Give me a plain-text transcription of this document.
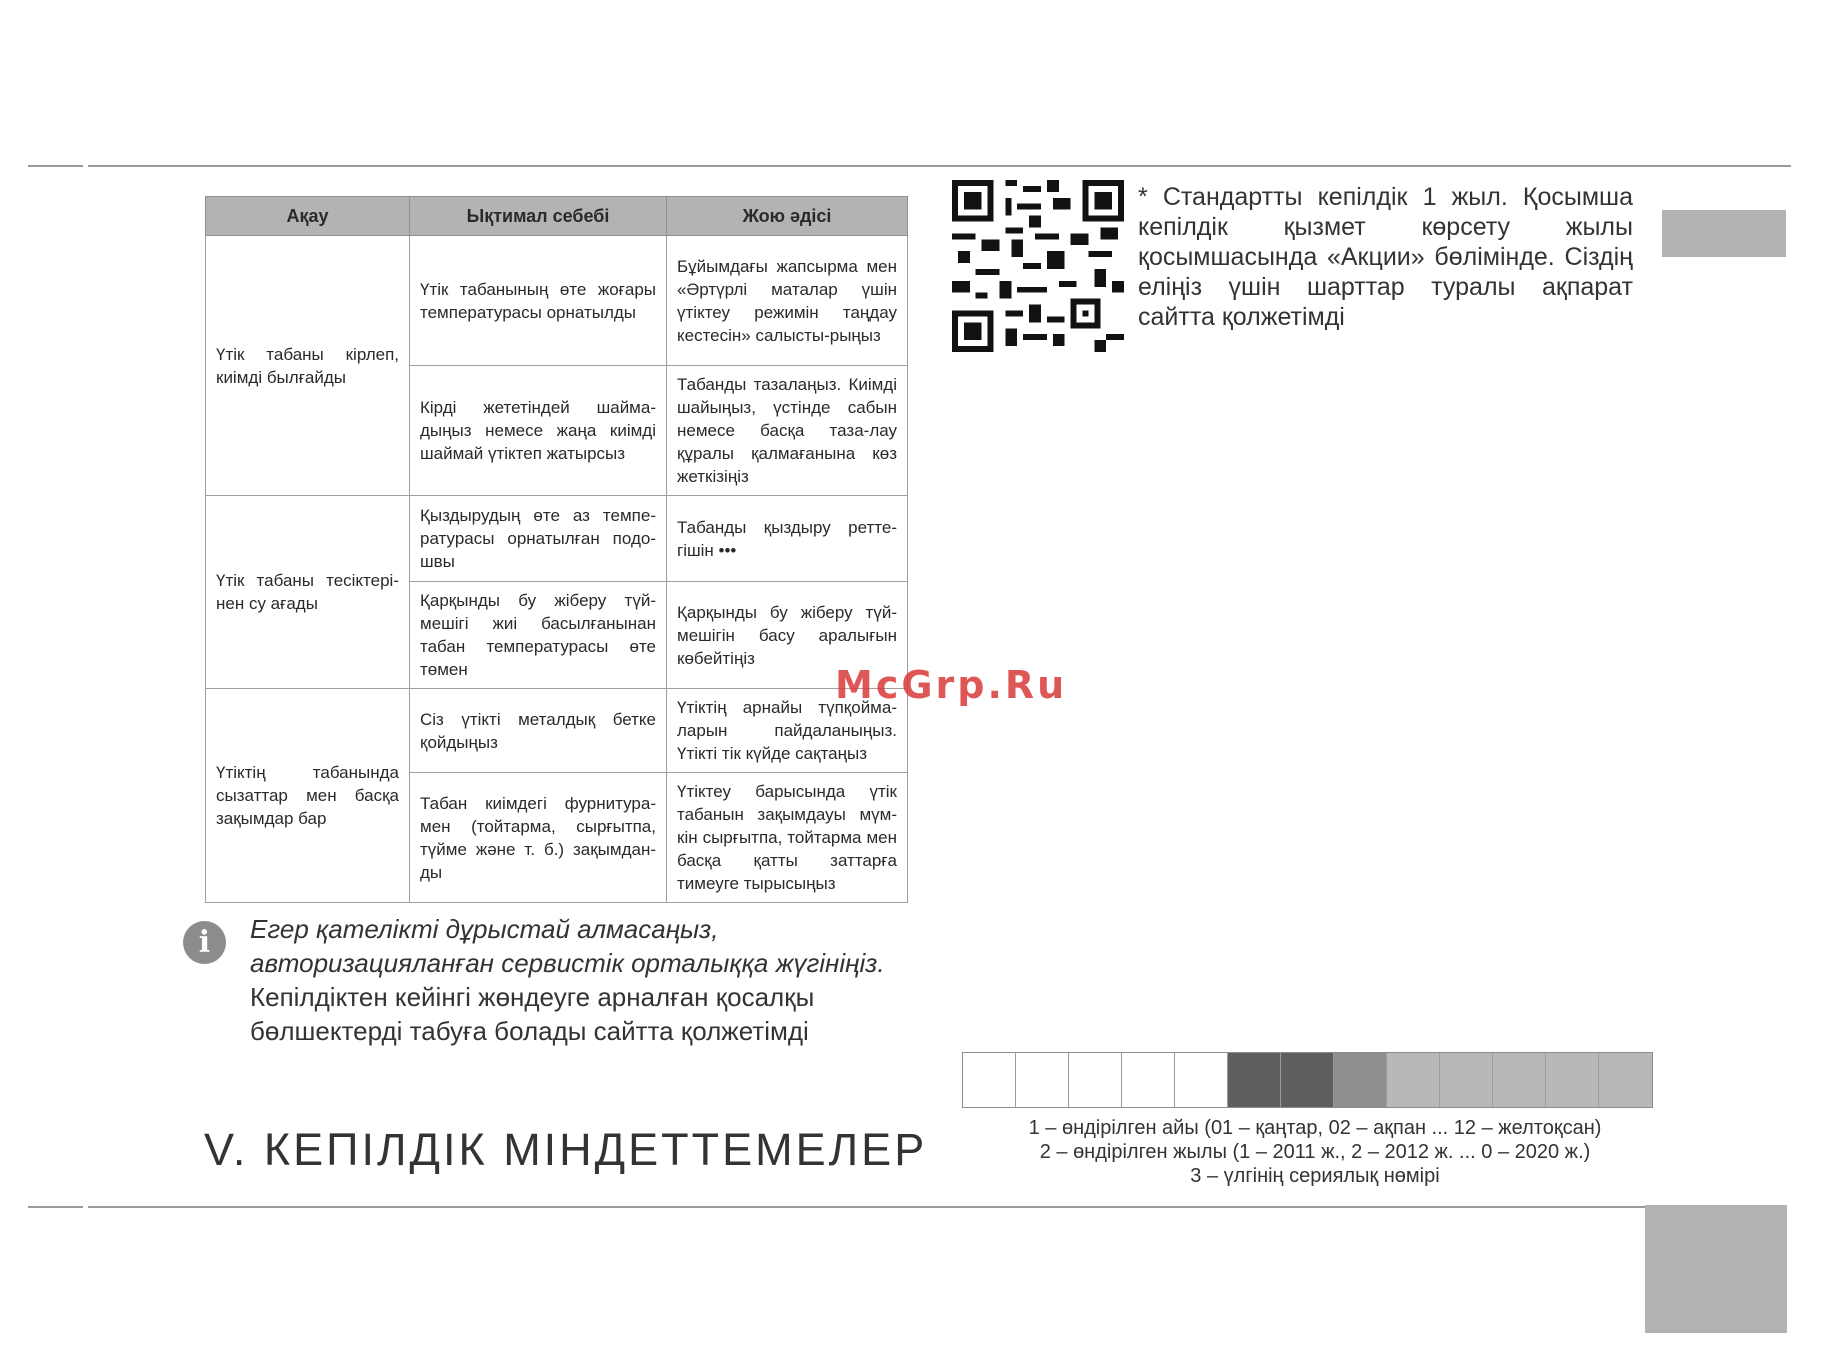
Ақау	Ықтимал себебі	Жою әдісі
Үтік табаны кірлеп, киімді былғайды	Үтік табанының өте жоғары температурасы орнатылды	Бұйымдағы жапсырма мен «Әртүрлі маталар үшін үтіктеу режимін таңдау кестесін» салысты-рыңыз
	Кірді жететіндей шайма-дыңыз немесе жаңа киімді шаймай үтіктеп жатырсыз	Табанды тазалаңыз. Киімді шайыңыз, үстінде сабын немесе басқа таза-лау құралы қалмағанына көз жеткізіңіз
Үтік табаны тесіктері-нен су ағады	Қыздырудың өте аз темпе-ратурасы орнатылған подо-швы	Табанды қыздыру ретте-гішін •••
	Қарқынды бу жіберу түй-мешігі жиі басылғанынан табан температурасы өте төмен	Қарқынды бу жіберу түй-мешігін басу аралығын көбейтіңіз
Үтіктің табанында сызаттар мен басқа зақымдар бар	Сіз үтікті металдық бетке қойдыңыз	Үтіктің арнайы түпқойма-ларын пайдаланыңыз. Үтікті тік күйде сақтаңыз
	Табан киімдегі фурнитура-мен (тойтарма, сырғытпа, түйме және т. б.) зақымдан-ды	Үтіктеу барысында үтік табанын зақымдауы мүм-кін сырғытпа, тойтарма мен басқа қатты заттарға тимеуге тырысыңыз
i	Егер қателікті дұрыстай алмасаңыз, авторизацияланған сервистік орталыққа жүгініңіз.
Кепілдіктен кейінгі жөндеуге арналған қосалқы бөлшектерді табуға болады сайтта қолжетімді
V. КЕПІЛДІК МІНДЕТТЕМЕЛЕР
* Стандартты кепілдік 1 жыл. Қосымша кепілдік қызмет көрсету жылы қосымшасында «Акции» бөлімінде. Сіздің еліңіз үшін шарттар туралы ақпарат сайтта қолжетімді
1 – өндірілген айы (01 – қаңтар, 02 – ақпан ... 12 – желтоқсан)
2 – өндірілген жылы (1 – 2011 ж., 2 – 2012 ж. ... 0 – 2020 ж.)
3 – үлгінің сериялық нөмірі
McGrp.Ru
